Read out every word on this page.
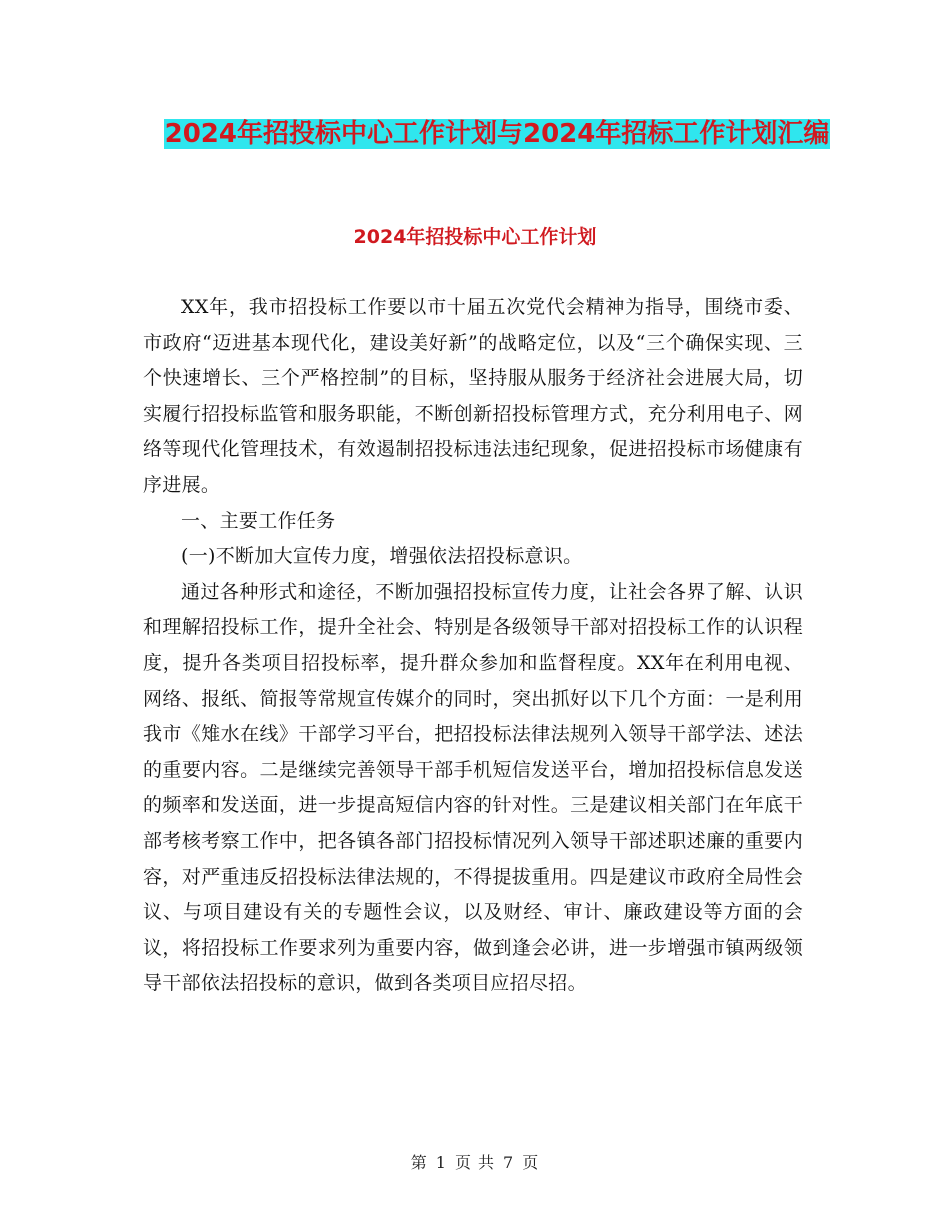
2024年招投标中心工作计划与2024年招标工作计划汇编
2024年招投标中心工作计划

XX年，我市招投标工作要以市十届五次党代会精神为指导，围绕市委、市政府“迈进基本现代化，建设美好新”的战略定位，以及“三个确保实现、三个快速增长、三个严格控制”的目标，坚持服从服务于经济社会进展大局，切实履行招投标监管和服务职能，不断创新招投标管理方式，充分利用电子、网络等现代化管理技术，有效遏制招投标违法违纪现象，促进招投标市场健康有序进展。

一、主要工作任务

(一)不断加大宣传力度，增强依法招投标意识。

通过各种形式和途径，不断加强招投标宣传力度，让社会各界了解、认识和理解招投标工作，提升全社会、特别是各级领导干部对招投标工作的认识程度，提升各类项目招投标率，提升群众参加和监督程度。XX年在利用电视、网络、报纸、简报等常规宣传媒介的同时，突出抓好以下几个方面：一是利用我市《雉水在线》干部学习平台，把招投标法律法规列入领导干部学法、述法的重要内容。二是继续完善领导干部手机短信发送平台，增加招投标信息发送的频率和发送面，进一步提高短信内容的针对性。三是建议相关部门在年底干部考核考察工作中，把各镇各部门招投标情况列入领导干部述职述廉的重要内容，对严重违反招投标法律法规的，不得提拔重用。四是建议市政府全局性会议、与项目建设有关的专题性会议，以及财经、审计、廉政建设等方面的会议，将招投标工作要求列为重要内容，做到逢会必讲，进一步增强市镇两级领导干部依法招投标的意识，做到各类项目应招尽招。

第 1 页 共 7 页
